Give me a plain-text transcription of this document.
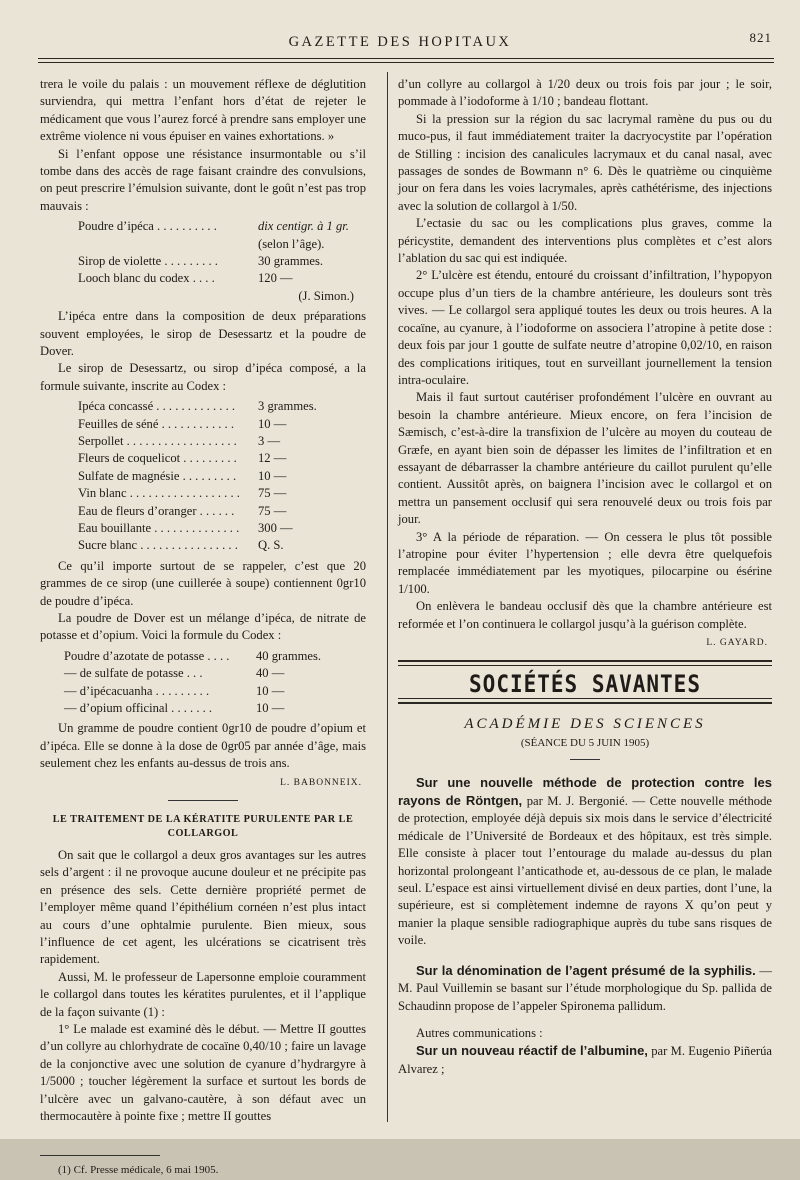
GAZETTE DES HOPITAUX	821

trera le voile du palais : un mouvement réflexe de déglutition surviendra, qui mettra l’enfant hors d’état de rejeter le médicament que vous l’aurez forcé à prendre sans employer une extrême violence ni vous épuiser en vaines exhortations. »

Si l’enfant oppose une résistance insurmontable ou s’il tombe dans des accès de rage faisant craindre des convulsions, on peut prescrire l’émulsion suivante, dont le goût n’est pas trop mauvais :

Poudre d’ipéca . . . . . . . . . .	dix centigr. à 1 gr.
(selon l’âge).
Sirop de violette . . . . . . . . .	30 grammes.
Looch blanc du codex . . . .	120 —
(J. Simon.)

L’ipéca entre dans la composition de deux préparations souvent employées, le sirop de Desessartz et la poudre de Dover.

Le sirop de Desessartz, ou sirop d’ipéca composé, a la formule suivante, inscrite au Codex :

Ipéca concassé . . . . . . . . . . . . .	3 grammes.
Feuilles de séné . . . . . . . . . . . .	10 —
Serpollet . . . . . . . . . . . . . . . . . .	3 —
Fleurs de coquelicot . . . . . . . . .	12 —
Sulfate de magnésie . . . . . . . . .	10 —
Vin blanc . . . . . . . . . . . . . . . . . .	75 —
Eau de fleurs d’oranger . . . . . .	75 —
Eau bouillante . . . . . . . . . . . . . .	300 —
Sucre blanc . . . . . . . . . . . . . . . .	Q. S.

Ce qu’il importe surtout de se rappeler, c’est que 20 grammes de ce sirop (une cuillerée à soupe) contiennent 0gr10 de poudre d’ipéca.

La poudre de Dover est un mélange d’ipéca, de nitrate de potasse et d’opium. Voici la formule du Codex :

Poudre d’azotate de potasse . . . .	40 grammes.
— de sulfate de potasse . . .	40 —
— d’ipécacuanha . . . . . . . . .	10 —
— d’opium officinal . . . . . . .	10 —

Un gramme de poudre contient 0gr10 de poudre d’opium et d’ipéca. Elle se donne à la dose de 0gr05 par année d’âge, mais seulement chez les enfants au-dessus de trois ans.

L. BABONNEIX.
LE TRAITEMENT DE LA KÉRATITE PURULENTE PAR LE COLLARGOL

On sait que le collargol a deux gros avantages sur les autres sels d’argent : il ne provoque aucune douleur et ne précipite pas en présence des sels. Cette dernière propriété permet de l’employer même quand l’épithélium cornéen n’est plus intact au cours d’une ophtalmie purulente. Bien mieux, sous l’influence de cet agent, les ulcérations se cicatrisent très rapidement.

Aussi, M. le professeur de Lapersonne emploie couramment le collargol dans toutes les kératites purulentes, et il l’applique de la façon suivante (1) :

1° Le malade est examiné dès le début. — Mettre II gouttes d’un collyre au chlorhydrate de cocaïne 0,40/10 ; faire un lavage de la conjonctive avec une solution de cyanure d’hydrargyre à 1/5000 ; toucher légèrement la surface et surtout les bords de l’ulcère avec un galvano-cautère, à son défaut avec un thermocautère à pointe fixe ; mettre II gouttes

(1) Cf. Presse médicale, 6 mai 1905.

d’un collyre au collargol à 1/20 deux ou trois fois par jour ; le soir, pommade à l’iodoforme à 1/10 ; bandeau flottant.

Si la pression sur la région du sac lacrymal ramène du pus ou du muco-pus, il faut immédiatement traiter la dacryocystite par l’opération de Stilling : incision des canalicules lacrymaux et du canal nasal, avec passages de sondes de Bowmann n° 6. Dès le quatrième ou cinquième jour on fera dans les voies lacrymales, après cathétérisme, des injections avec la solution de collargol à 1/50.

L’ectasie du sac ou les complications plus graves, comme la péricystite, demandent des interventions plus complètes et c’est alors l’ablation du sac qui est indiquée.

2° L’ulcère est étendu, entouré du croissant d’infiltration, l’hypopyon occupe plus d’un tiers de la chambre antérieure, les douleurs sont très vives. — Le collargol sera appliqué toutes les deux ou trois heures. A la cocaïne, au cyanure, à l’iodoforme on associera l’atropine à petite dose : deux fois par jour 1 goutte de sulfate neutre d’atropine 0,02/10, en raison des complications iritiques, tout en surveillant journellement la tension intra-oculaire.

Mais il faut surtout cautériser profondément l’ulcère en ouvrant au besoin la chambre antérieure. Mieux encore, on fera l’incision de Sæmisch, c’est-à-dire la transfixion de l’ulcère au moyen du couteau de Græfe, en ayant bien soin de dépasser les limites de l’infiltration et en essayant de débarrasser la chambre antérieure du caillot purulent qu’elle contient. Aussitôt après, on baignera l’incision avec le collargol et on mettra un pansement occlusif qui sera renouvelé deux ou trois fois par jour.

3° A la période de réparation. — On cessera le plus tôt possible l’atropine pour éviter l’hypertension ; elle devra être quelquefois remplacée immédiatement par les myotiques, pilocarpine ou ésérine 1/100.

On enlèvera le bandeau occlusif dès que la chambre antérieure est reformée et l’on continuera le collargol jusqu’à la guérison complète.

L. GAYARD.
SOCIÉTÉS SAVANTES
ACADÉMIE DES SCIENCES
(SÉANCE DU 5 JUIN 1905)

Sur une nouvelle méthode de protection contre les rayons de Röntgen, par M. J. Bergonié. — Cette nouvelle méthode de protection, employée déjà depuis six mois dans le service d’électricité médicale de l’Université de Bordeaux et des hôpitaux, est très simple. Elle consiste à placer tout l’entourage du malade au-dessus du plan horizontal prolongeant l’anticathode et, au-dessous de ce plan, le malade seul. L’espace est ainsi virtuellement divisé en deux parties, dont l’une, la supérieure, est si complètement indemne de rayons X qu’on peut y manier la plaque sensible radiographique auprès du tube sans risques de voile.

Sur la dénomination de l’agent présumé de la syphilis. — M. Paul Vuillemin se basant sur l’étude morphologique du Sp. pallida de Schaudinn propose de l’appeler Spironema pallidum.

Autres communications :

Sur un nouveau réactif de l’albumine, par M. Eugenio Piñerúa Alvarez ;
